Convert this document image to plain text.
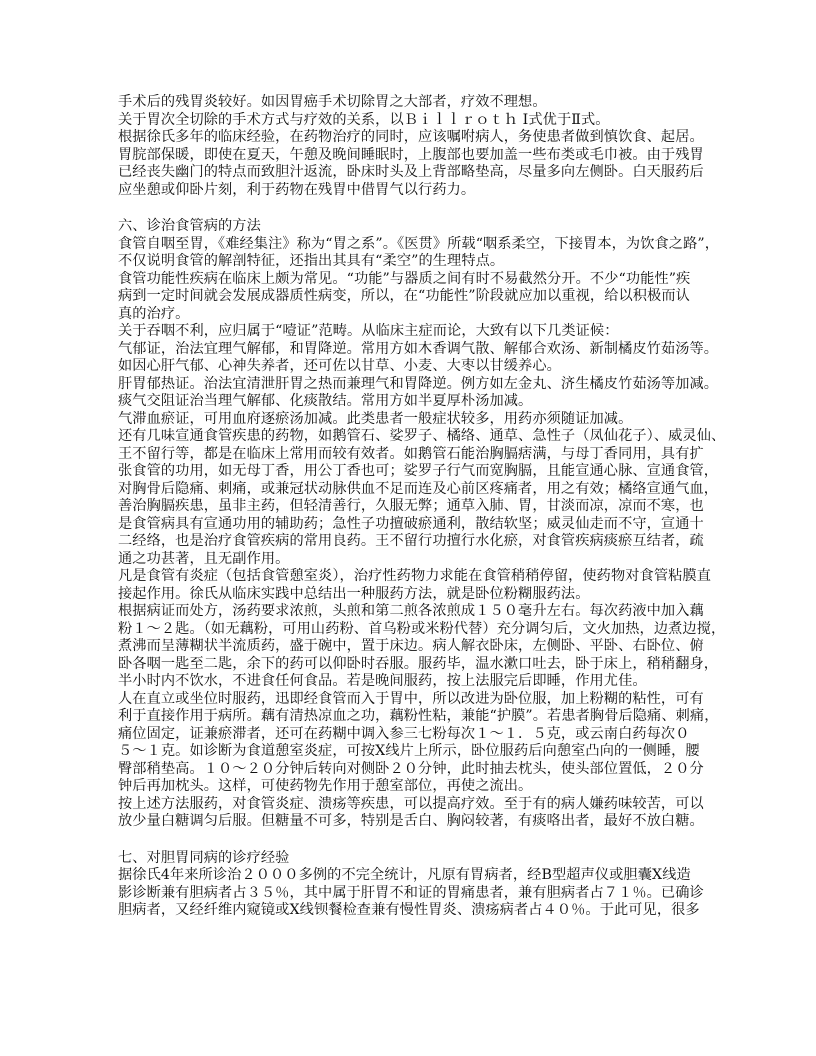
手术后的残胃炎较好。如因胃癌手术切除胃之大部者，疗效不理想。
关于胃次全切除的手术方式与疗效的关系，以Ｂｉｌｌｒｏｔｈ Ⅰ式优于Ⅱ式。
根据徐氏多年的临床经验，在药物治疗的同时，应该嘱咐病人，务使患者做到慎饮食、起居。
胃脘部保暖，即使在夏天，午憩及晚间睡眠时，上腹部也要加盖一些布类或毛巾被。由于残胃
已经丧失幽门的特点而致胆汁返流，卧床时头及上背部略垫高，尽量多向左侧卧。白天服药后
应坐憩或仰卧片刻，利于药物在残胃中借胃气以行药力。
六、诊治食管病的方法
食管自咽至胃，《难经集注》称为“胃之系”。《医贯》所载“咽系柔空，下接胃本，为饮食之路”，
不仅说明食管的解剖特征，还指出其具有“柔空”的生理特点。
食管功能性疾病在临床上颇为常见。“功能”与器质之间有时不易截然分开。不少“功能性”疾
病到一定时间就会发展成器质性病变，所以，在“功能性”阶段就应加以重视，给以积极而认
真的治疗。
关于吞咽不利，应归属于“噎证”范畴。从临床主症而论，大致有以下几类证候：
气郁证，治法宜理气解郁，和胃降逆。常用方如木香调气散、解郁合欢汤、新制橘皮竹茹汤等。
如因心肝气郁、心神失养者，还可佐以甘草、小麦、大枣以甘缓养心。
肝胃郁热证。治法宜清泄肝胃之热而兼理气和胃降逆。例方如左金丸、济生橘皮竹茹汤等加减。
痰气交阻证治当理气解郁、化痰散结。常用方如半夏厚朴汤加减。
气滞血瘀证，可用血府逐瘀汤加减。此类患者一般症状较多，用药亦须随证加减。
还有几味宣通食管疾患的药物，如鹅管石、娑罗子、橘络、通草、急性子（凤仙花子）、威灵仙、
王不留行等，都是在临床上常用而较有效者。如鹅管石能治胸膈痞满，与母丁香同用，具有扩
张食管的功用，如无母丁香，用公丁香也可；娑罗子行气而宽胸膈，且能宣通心脉、宣通食管，
对胸骨后隐痛、刺痛，或兼冠状动脉供血不足而连及心前区疼痛者，用之有效；橘络宣通气血，
善治胸膈疾患，虽非主药，但轻清善行，久服无弊；通草入肺、胃，甘淡而凉，凉而不寒，也
是食管病具有宣通功用的辅助药；急性子功擅破瘀通利，散结软坚；威灵仙走而不守，宣通十
二经络，也是治疗食管疾病的常用良药。王不留行功擅行水化瘀，对食管疾病痰瘀互结者，疏
通之功甚著，且无副作用。
凡是食管有炎症（包括食管憩室炎），治疗性药物力求能在食管稍稍停留，使药物对食管粘膜直
接起作用。徐氏从临床实践中总结出一种服药方法，就是卧位粉糊服药法。
根据病证而处方，汤药要求浓煎，头煎和第二煎各浓煎成１５０毫升左右。每次药液中加入藕
粉１～２匙。（如无藕粉，可用山药粉、首乌粉或米粉代替）充分调匀后，文火加热，边煮边搅，
煮沸而呈薄糊状半流质药，盛于碗中，置于床边。病人解衣卧床，左侧卧、平卧、右卧位、俯
卧各咽一匙至二匙，余下的药可以仰卧时吞服。服药毕，温水漱口吐去，卧于床上，稍稍翻身，
半小时内不饮水，不进食任何食品。若是晚间服药，按上法服完后即睡，作用尤佳。
人在直立或坐位时服药，迅即经食管而入于胃中，所以改进为卧位服，加上粉糊的粘性，可有
利于直接作用于病所。藕有清热凉血之功，藕粉性粘，兼能“护膜”。若患者胸骨后隐痛、刺痛，
痛位固定，证兼瘀滞者，还可在药糊中调入参三七粉每次１～１．５克，或云南白药每次０
５～１克。如诊断为食道憩室炎症，可按X线片上所示，卧位服药后向憩室凸向的一侧睡，腰
臀部稍垫高。１０～２０分钟后转向对侧卧２０分钟，此时抽去枕头，使头部位置低，２０分
钟后再加枕头。这样，可使药物先作用于憩室部位，再使之流出。
按上述方法服药，对食管炎症、溃疡等疾患，可以提高疗效。至于有的病人嫌药味较苦，可以
放少量白糖调匀后服。但糖量不可多，特别是舌白、胸闷较著，有痰咯出者，最好不放白糖。
七、对胆胃同病的诊疗经验
据徐氏4年来所诊治２０００多例的不完全统计，凡原有胃病者，经B型超声仪或胆囊X线造
影诊断兼有胆病者占３５％，其中属于肝胃不和证的胃痛患者，兼有胆病者占７１％。已确诊
胆病者，又经纤维内窥镜或X线钡餐检查兼有慢性胃炎、溃疡病者占４０％。于此可见，很多
